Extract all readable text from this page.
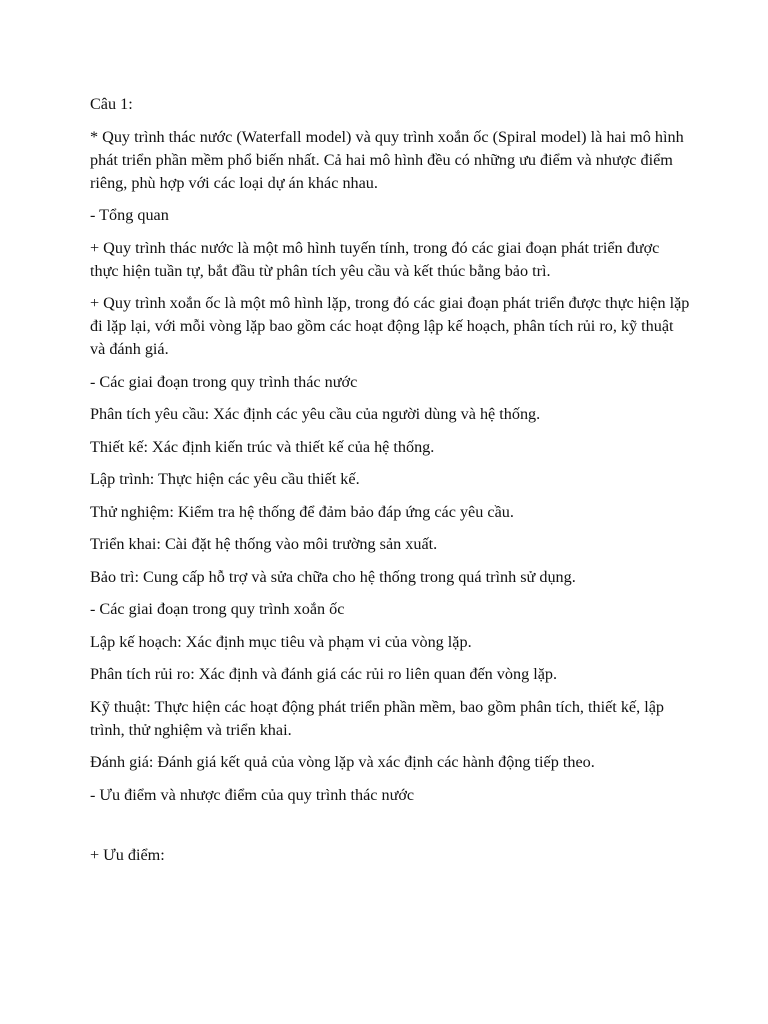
Câu 1:

* Quy trình thác nước (Waterfall model) và quy trình xoắn ốc (Spiral model) là hai mô hình phát triển phần mềm phổ biến nhất. Cả hai mô hình đều có những ưu điểm và nhược điểm riêng, phù hợp với các loại dự án khác nhau.

- Tổng quan

+ Quy trình thác nước là một mô hình tuyến tính, trong đó các giai đoạn phát triển được thực hiện tuần tự, bắt đầu từ phân tích yêu cầu và kết thúc bằng bảo trì.

+ Quy trình xoắn ốc là một mô hình lặp, trong đó các giai đoạn phát triển được thực hiện lặp đi lặp lại, với mỗi vòng lặp bao gồm các hoạt động lập kế hoạch, phân tích rủi ro, kỹ thuật và đánh giá.

- Các giai đoạn trong quy trình thác nước

Phân tích yêu cầu: Xác định các yêu cầu của người dùng và hệ thống.

Thiết kế: Xác định kiến trúc và thiết kế của hệ thống.

Lập trình: Thực hiện các yêu cầu thiết kế.

Thử nghiệm: Kiểm tra hệ thống để đảm bảo đáp ứng các yêu cầu.

Triển khai: Cài đặt hệ thống vào môi trường sản xuất.

Bảo trì: Cung cấp hỗ trợ và sửa chữa cho hệ thống trong quá trình sử dụng.

- Các giai đoạn trong quy trình xoắn ốc

Lập kế hoạch: Xác định mục tiêu và phạm vi của vòng lặp.

Phân tích rủi ro: Xác định và đánh giá các rủi ro liên quan đến vòng lặp.

Kỹ thuật: Thực hiện các hoạt động phát triển phần mềm, bao gồm phân tích, thiết kế, lập trình, thử nghiệm và triển khai.

Đánh giá: Đánh giá kết quả của vòng lặp và xác định các hành động tiếp theo.

- Ưu điểm và nhược điểm của quy trình thác nước

+ Ưu điểm:
